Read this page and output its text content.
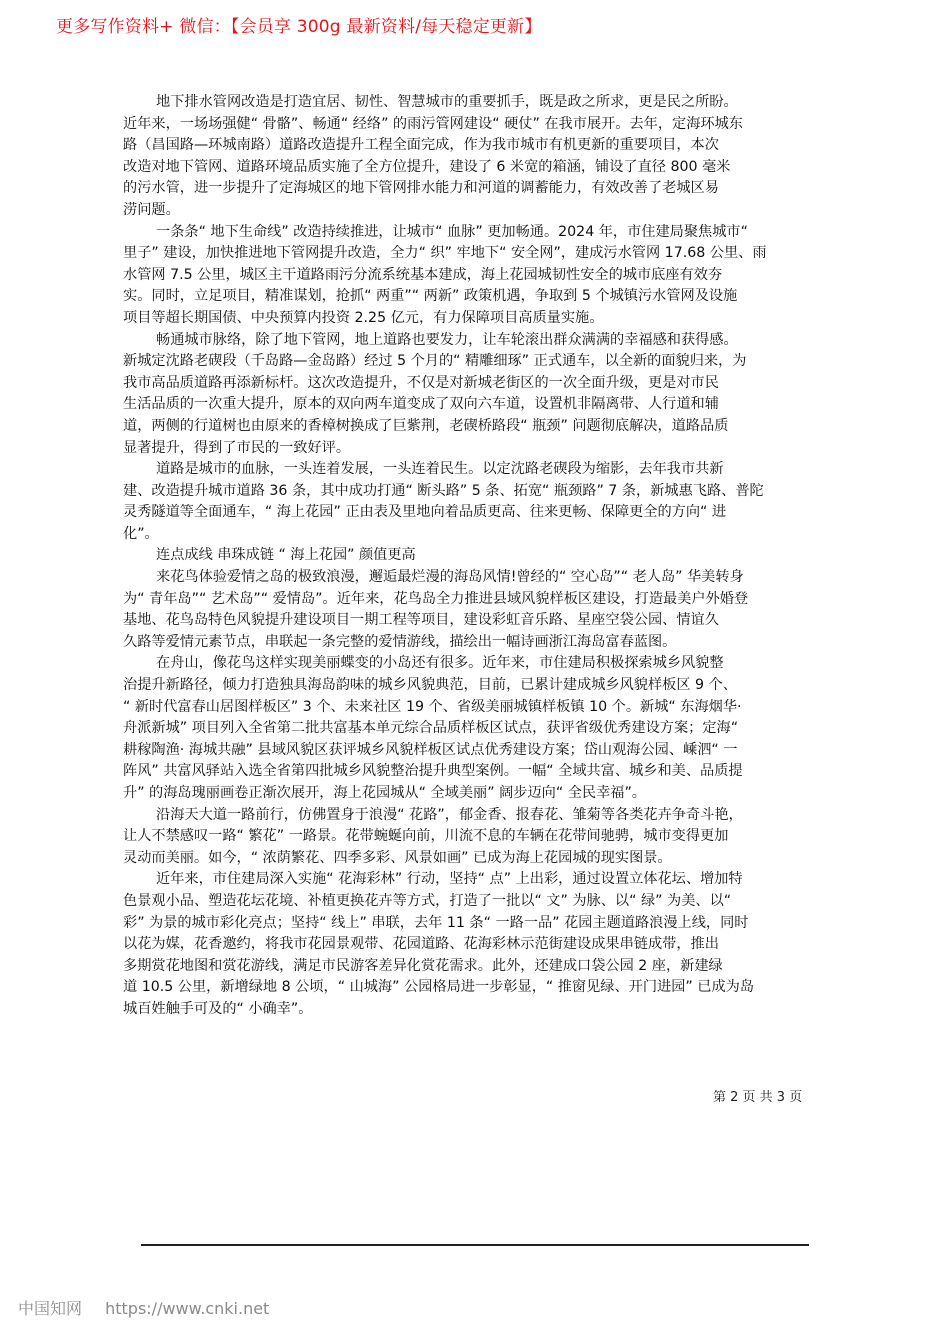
更多写作资料+ 微信：【会员享 300g 最新资料/每天稳定更新】
地下排水管网改造是打造宜居、韧性、智慧城市的重要抓手，既是政之所求，更是民之所盼。
近年来，一场场强健“ 骨骼”、畅通“ 经络” 的雨污管网建设“ 硬仗” 在我市展开。去年，定海环城东
路（昌国路—环城南路）道路改造提升工程全面完成，作为我市城市有机更新的重要项目，本次
改造对地下管网、道路环境品质实施了全方位提升，建设了 6 米宽的箱涵，铺设了直径 800 毫米
的污水管，进一步提升了定海城区的地下管网排水能力和河道的调蓄能力，有效改善了老城区易
涝问题。
一条条“ 地下生命线” 改造持续推进，让城市“ 血脉” 更加畅通。2024 年，市住建局聚焦城市“
里子” 建设，加快推进地下管网提升改造，全力“ 织” 牢地下“ 安全网”，建成污水管网 17.68 公里、雨
水管网 7.5 公里，城区主干道路雨污分流系统基本建成，海上花园城韧性安全的城市底座有效夯
实。同时，立足项目，精准谋划，抢抓“ 两重”“ 两新” 政策机遇，争取到 5 个城镇污水管网及设施
项目等超长期国债、中央预算内投资 2.25 亿元，有力保障项目高质量实施。
畅通城市脉络，除了地下管网，地上道路也要发力，让车轮滚出群众满满的幸福感和获得感。
新城定沈路老碶段（千岛路—金岛路）经过 5 个月的“ 精雕细琢” 正式通车，以全新的面貌归来，为
我市高品质道路再添新标杆。这次改造提升，不仅是对新城老街区的一次全面升级，更是对市民
生活品质的一次重大提升，原本的双向两车道变成了双向六车道，设置机非隔离带、人行道和辅
道，两侧的行道树也由原来的香樟树换成了巨紫荆，老碶桥路段“ 瓶颈” 问题彻底解决，道路品质
显著提升，得到了市民的一致好评。
道路是城市的血脉，一头连着发展，一头连着民生。以定沈路老碶段为缩影，去年我市共新
建、改造提升城市道路 36 条，其中成功打通“ 断头路” 5 条、拓宽“ 瓶颈路” 7 条，新城惠飞路、普陀
灵秀隧道等全面通车，“ 海上花园” 正由表及里地向着品质更高、往来更畅、保障更全的方向“ 进
化”。
连点成线 串珠成链 “ 海上花园” 颜值更高
来花鸟体验爱情之岛的极致浪漫，邂逅最烂漫的海岛风情!曾经的“ 空心岛”“ 老人岛” 华美转身
为“ 青年岛”“ 艺术岛”“ 爱情岛”。近年来，花鸟岛全力推进县域风貌样板区建设，打造最美户外婚登
基地、花鸟岛特色风貌提升建设项目一期工程等项目，建设彩虹音乐路、星座空袋公园、情谊久
久路等爱情元素节点，串联起一条完整的爱情游线，描绘出一幅诗画浙江海岛富春蓝图。
在舟山，像花鸟这样实现美丽蝶变的小岛还有很多。近年来，市住建局积极探索城乡风貌整
治提升新路径，倾力打造独具海岛韵味的城乡风貌典范，目前，已累计建成城乡风貌样板区 9 个、
“ 新时代富春山居图样板区” 3 个、未来社区 19 个、省级美丽城镇样板镇 10 个。新城“ 东海烟华·
舟派新城” 项目列入全省第二批共富基本单元综合品质样板区试点，获评省级优秀建设方案；定海“
耕稼陶渔· 海城共融” 县域风貌区获评城乡风貌样板区试点优秀建设方案；岱山观海公园、嵊泗“ 一
阵风” 共富风驿站入选全省第四批城乡风貌整治提升典型案例。一幅“ 全域共富、城乡和美、品质提
升” 的海岛瑰丽画卷正渐次展开，海上花园城从“ 全域美丽” 阔步迈向“ 全民幸福”。
沿海天大道一路前行，仿佛置身于浪漫“ 花路”，郁金香、报春花、雏菊等各类花卉争奇斗艳，
让人不禁感叹一路“ 繁花” 一路景。花带蜿蜒向前，川流不息的车辆在花带间驰骋，城市变得更加
灵动而美丽。如今，“ 浓荫繁花、四季多彩、风景如画” 已成为海上花园城的现实图景。
近年来，市住建局深入实施“ 花海彩林” 行动，坚持“ 点” 上出彩，通过设置立体花坛、增加特
色景观小品、塑造花坛花境、补植更换花卉等方式，打造了一批以“ 文” 为脉、以“ 绿” 为美、以“
彩” 为景的城市彩化亮点；坚持“ 线上” 串联，去年 11 条“ 一路一品” 花园主题道路浪漫上线，同时
以花为媒，花香邀约，将我市花园景观带、花园道路、花海彩林示范街建设成果串链成带，推出
多期赏花地图和赏花游线，满足市民游客差异化赏花需求。此外，还建成口袋公园 2 座，新建绿
道 10.5 公里，新增绿地 8 公顷，“ 山城海” 公园格局进一步彰显，“ 推窗见绿、开门进园” 已成为岛
城百姓触手可及的“ 小确幸”。
第 2 页 共 3 页
中国知网 https://www.cnki.net
